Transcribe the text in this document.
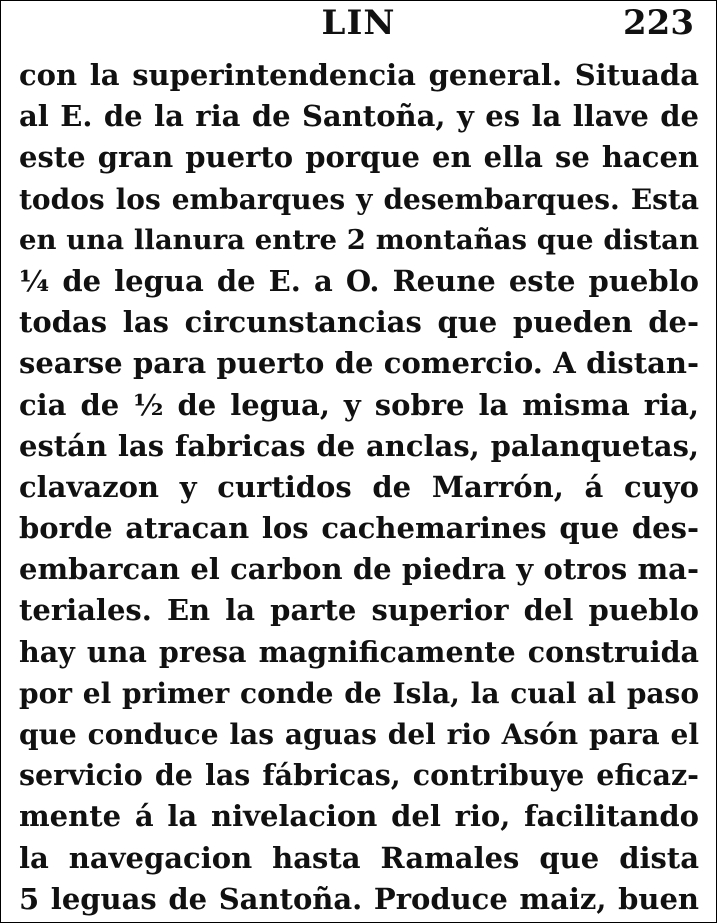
LIN	223
con la superintendencia general. Situada
al E. de la ria de Santoña, y es la llave de
este gran puerto porque en ella se hacen
todos los embarques y desembarques. Esta
en una llanura entre 2 montañas que distan
¼ de legua de E. a O. Reune este pueblo
todas las circunstancias que pueden de-
searse para puerto de comercio. A distan-
cia de ½ de legua, y sobre la misma ria,
están las fabricas de anclas, palanquetas,
clavazon y curtidos de Marrón, á cuyo
borde atracan los cachemarines que des-
embarcan el carbon de piedra y otros ma-
teriales. En la parte superior del pueblo
hay una presa magnificamente construida
por el primer conde de Isla, la cual al paso
que conduce las aguas del rio Asón para el
servicio de las fábricas, contribuye eficaz-
mente á la nivelacion del rio, facilitando
la navegacion hasta Ramales que dista
5 leguas de Santoña. Produce maiz, buen
